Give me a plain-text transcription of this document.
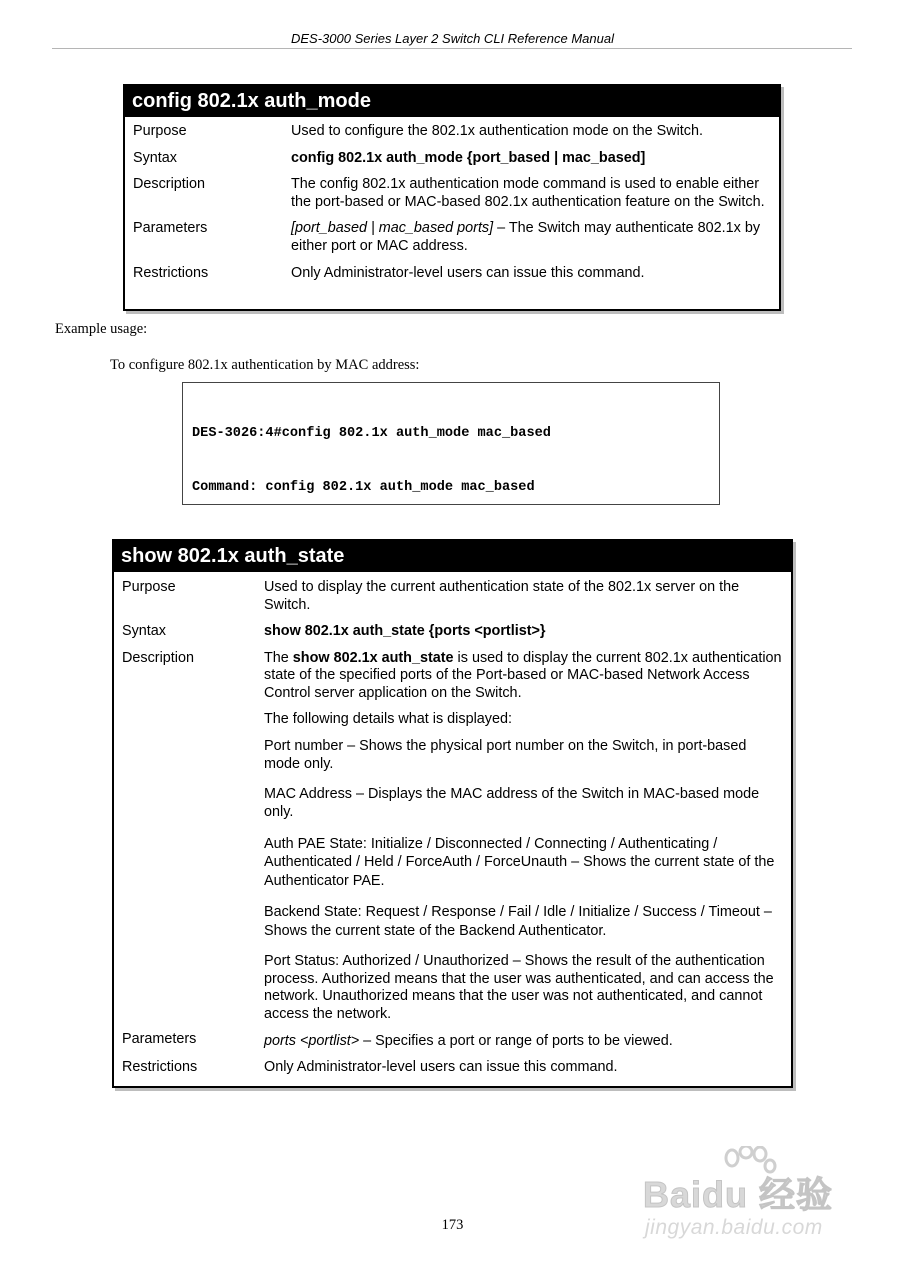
DES-3000 Series Layer 2 Switch CLI Reference Manual
config 802.1x auth_mode
Purpose	Used to configure the 802.1x authentication mode on the Switch.
Syntax	config 802.1x auth_mode {port_based | mac_based]
Description	The config 802.1x authentication mode command is used to enable either the port-based or MAC-based 802.1x authentication feature on the Switch.
Parameters	[port_based | mac_based ports] – The Switch may authenticate 802.1x by either port or MAC address.
Restrictions	Only Administrator-level users can issue this command.
Example usage:
To configure 802.1x authentication by MAC address:

DES-3026:4#config 802.1x auth_mode mac_based

Command: config 802.1x auth_mode mac_based

show 802.1x auth_state
Purpose	Used to display the current authentication state of the 802.1x server on the Switch.
Syntax	show 802.1x auth_state {ports <portlist>}
Description	The show 802.1x auth_state is used to display the current 802.1x authentication state of the specified ports of the Port-based or MAC-based Network Access Control server application on the Switch.

The following details what is displayed:

Port number – Shows the physical port number on the Switch, in port-based mode only.

MAC Address – Displays the MAC address of the Switch in MAC-based mode only.

Auth PAE State: Initialize / Disconnected / Connecting / Authenticating / Authenticated / Held / ForceAuth / ForceUnauth – Shows the current state of the Authenticator PAE.

Backend State: Request / Response / Fail / Idle / Initialize / Success / Timeout – Shows the current state of the Backend Authenticator.

Port Status: Authorized / Unauthorized – Shows the result of the authentication process. Authorized means that the user was authenticated, and can access the network. Unauthorized means that the user was not authenticated, and cannot access the network.

Parameters	ports <portlist> – Specifies a port or range of ports to be viewed.
Restrictions	Only Administrator-level users can issue this command.
173
Baidu 经验
jingyan.baidu.com
